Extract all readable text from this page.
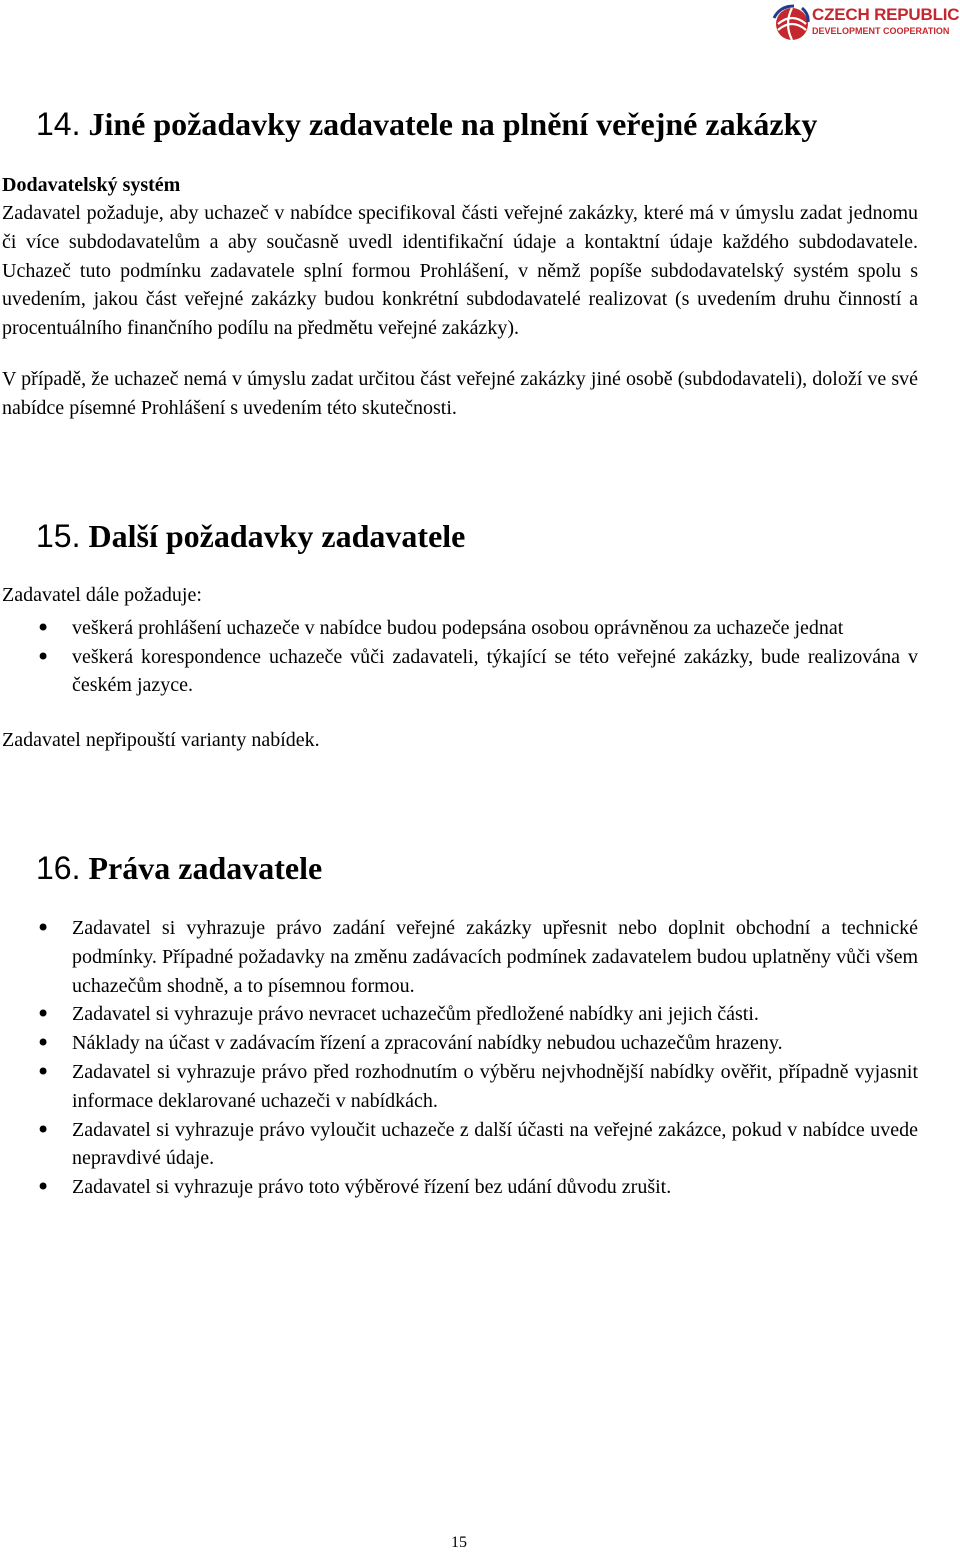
CZECH REPUBLIC
DEVELOPMENT COOPERATION
14. Jiné požadavky zadavatele na plnění veřejné zakázky

Dodavatelský systém

Zadavatel požaduje, aby uchazeč v nabídce specifikoval části veřejné zakázky, které má v úmyslu zadat jednomu či více subdodavatelům a aby současně uvedl identifikační údaje a kontaktní údaje každého subdodavatele. Uchazeč tuto podmínku zadavatele splní formou Prohlášení, v němž popíše subdodavatelský systém spolu s uvedením, jakou část veřejné zakázky budou konkrétní subdodavatelé realizovat (s uvedením druhu činností a procentuálního finančního podílu na předmětu veřejné zakázky).

V případě, že uchazeč nemá v úmyslu zadat určitou část veřejné zakázky jiné osobě (subdodavateli), doloží ve své nabídce písemné Prohlášení s uvedením této skutečnosti.

15. Další požadavky zadavatele

Zadavatel dále požaduje:

• veškerá prohlášení uchazeče v nabídce budou podepsána osobou oprávněnou za uchazeče jednat
• veškerá korespondence uchazeče vůči zadavateli, týkající se této veřejné zakázky, bude realizována v českém jazyce.

Zadavatel nepřipouští varianty nabídek.

16. Práva zadavatele
• Zadavatel si vyhrazuje právo zadání veřejné zakázky upřesnit nebo doplnit obchodní a technické podmínky. Případné požadavky na změnu zadávacích podmínek zadavatelem budou uplatněny vůči všem uchazečům shodně, a to písemnou formou.
• Zadavatel si vyhrazuje právo nevracet uchazečům předložené nabídky ani jejich části.
• Náklady na účast v zadávacím řízení a zpracování nabídky nebudou uchazečům hrazeny.
• Zadavatel si vyhrazuje právo před rozhodnutím o výběru nejvhodnější nabídky ověřit, případně vyjasnit informace deklarované uchazeči v nabídkách.
• Zadavatel si vyhrazuje právo vyloučit uchazeče z další účasti na veřejné zakázce, pokud v nabídce uvede nepravdivé údaje.
• Zadavatel si vyhrazuje právo toto výběrové řízení bez udání důvodu zrušit.
15
